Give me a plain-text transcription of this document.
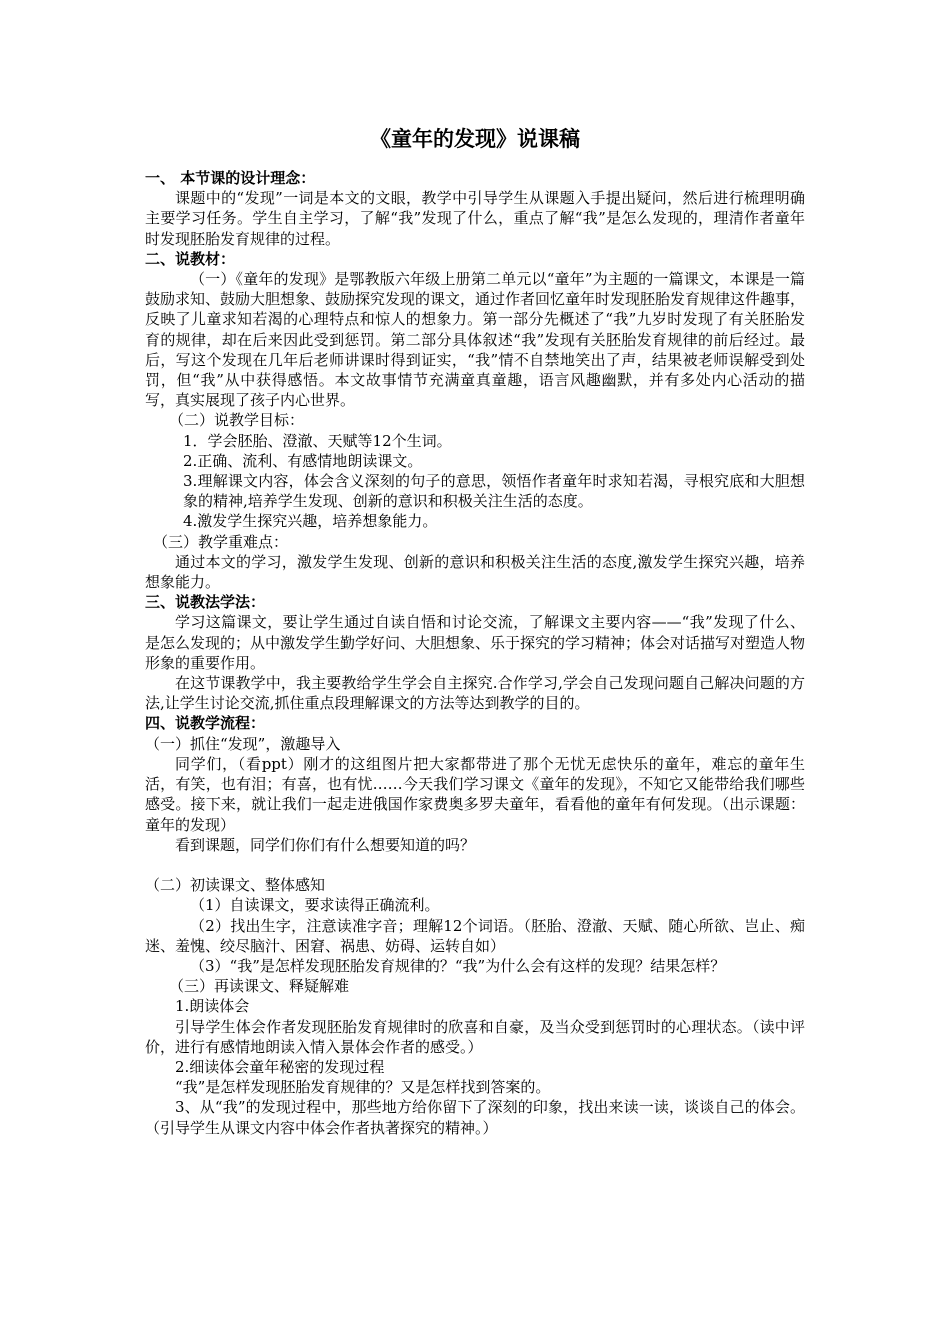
《童年的发现》说课稿

一、 本节课的设计理念：

课题中的“发现”一词是本文的文眼，教学中引导学生从课题入手提出疑问，然后进行梳理明确主要学习任务。学生自主学习，了解“我”发现了什么，重点了解“我”是怎么发现的，理清作者童年时发现胚胎发育规律的过程。

二、说教材：

（一）《童年的发现》是鄂教版六年级上册第二单元以“童年”为主题的一篇课文，本课是一篇鼓励求知、鼓励大胆想象、鼓励探究发现的课文，通过作者回忆童年时发现胚胎发育规律这件趣事，反映了儿童求知若渴的心理特点和惊人的想象力。第一部分先概述了“我”九岁时发现了有关胚胎发育的规律，却在后来因此受到惩罚。第二部分具体叙述“我”发现有关胚胎发育规律的前后经过。最后，写这个发现在几年后老师讲课时得到证实，“我”情不自禁地笑出了声，结果被老师误解受到处罚，但“我”从中获得感悟。本文故事情节充满童真童趣，语言风趣幽默，并有多处内心活动的描写，真实展现了孩子内心世界。

（二）说教学目标：

1．学会胚胎、澄澈、天赋等12个生词。

2.正确、流利、有感情地朗读课文。

3.理解课文内容，体会含义深刻的句子的意思，领悟作者童年时求知若渴，寻根究底和大胆想象的精神,培养学生发现、创新的意识和积极关注生活的态度。

4.激发学生探究兴趣，培养想象能力。

（三）教学重难点：

通过本文的学习，激发学生发现、创新的意识和积极关注生活的态度,激发学生探究兴趣，培养想象能力。

三、说教法学法：

学习这篇课文，要让学生通过自读自悟和讨论交流，了解课文主要内容——“我”发现了什么、是怎么发现的；从中激发学生勤学好问、大胆想象、乐于探究的学习精神；体会对话描写对塑造人物形象的重要作用。

在这节课教学中，我主要教给学生学会自主探究.合作学习,学会自己发现问题自己解决问题的方法,让学生讨论交流,抓住重点段理解课文的方法等达到教学的目的。

四、说教学流程：

（一）抓住“发现”，激趣导入

同学们，（看ppt）刚才的这组图片把大家都带进了那个无忧无虑快乐的童年，难忘的童年生活，有笑，也有泪；有喜，也有忧……今天我们学习课文《童年的发现》，不知它又能带给我们哪些感受。接下来，就让我们一起走进俄国作家费奥多罗夫童年，看看他的童年有何发现。（出示课题：童年的发现）

看到课题，同学们你们有什么想要知道的吗？

（二）初读课文、整体感知

（1）自读课文，要求读得正确流利。

（2）找出生字，注意读准字音；理解12个词语。（胚胎、澄澈、天赋、随心所欲、岂止、痴迷、羞愧、绞尽脑汁、困窘、祸患、妨碍、运转自如）

（3）“我”是怎样发现胚胎发育规律的？“我”为什么会有这样的发现？结果怎样？

（三）再读课文、释疑解难

1.朗读体会

引导学生体会作者发现胚胎发育规律时的欣喜和自豪，及当众受到惩罚时的心理状态。（读中评价，进行有感情地朗读入情入景体会作者的感受。）

2.细读体会童年秘密的发现过程

“我”是怎样发现胚胎发育规律的？又是怎样找到答案的。

3、从“我”的发现过程中，那些地方给你留下了深刻的印象，找出来读一读，谈谈自己的体会。（引导学生从课文内容中体会作者执著探究的精神。）
